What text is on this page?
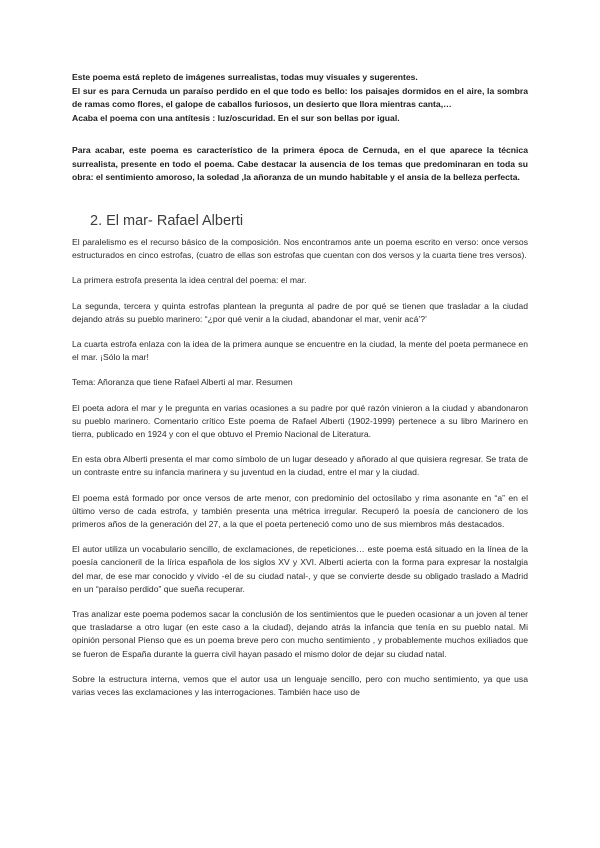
Este poema está repleto de imágenes surrealistas, todas muy visuales y sugerentes.

El sur es para Cernuda un paraíso perdido en el que todo es bello: los paisajes dormidos en el aire, la sombra de ramas como flores, el galope de caballos furiosos, un desierto que llora mientras canta,…

Acaba el poema con una antítesis : luz/oscuridad. En el sur son bellas por igual.

Para acabar, este poema es característico de la primera época de Cernuda, en el que aparece la técnica surrealista, presente en todo el poema. Cabe destacar la ausencia de los temas que predominaran en toda su obra: el sentimiento amoroso, la soledad ,la añoranza de un mundo habitable y el ansia de la belleza perfecta.

2. El mar- Rafael Alberti

El paralelismo es el recurso básico de la composición. Nos encontramos ante un poema escrito en verso: once versos estructurados en cinco estrofas, (cuatro de ellas son estrofas que cuentan con dos versos y la cuarta tiene tres versos).

La primera estrofa presenta la idea central del poema: el mar.

La segunda, tercera y quinta estrofas plantean la pregunta al padre de por qué se tienen que trasladar a la ciudad dejando atrás su pueblo marinero: “¿por qué venir a la ciudad, abandonar el mar, venir acá’?’

La cuarta estrofa enlaza con la idea de la primera aunque se encuentre en la ciudad, la mente del poeta permanece en el mar. ¡Sólo la mar!

Tema: Añoranza que tiene Rafael Alberti al mar. Resumen

El poeta adora el mar y le pregunta en varias ocasiones a su padre por qué razón vinieron a la ciudad y abandonaron su pueblo marinero. Comentario crítico Este poema de Rafael Alberti (1902-1999) pertenece a su libro Marinero en tierra, publicado en 1924 y con el que obtuvo el Premio Nacional de Literatura.

En esta obra Alberti presenta el mar como símbolo de un lugar deseado y añorado al que quisiera regresar. Se trata de un contraste entre su infancia marinera y su juventud en la ciudad, entre el mar y la ciudad.

El poema está formado por once versos de arte menor, con predominio del octosílabo y rima asonante en “a” en el último verso de cada estrofa, y también presenta una métrica irregular. Recuperó la poesía de cancionero de los primeros años de la generación del 27, a la que el poeta perteneció como uno de sus miembros más destacados.

El autor utiliza un vocabulario sencillo, de exclamaciones, de repeticiones… este poema está situado en la línea de la poesía cancioneril de la lírica española de los siglos XV y XVI. Alberti acierta con la forma para expresar la nostalgia del mar, de ese mar conocido y vivido -el de su ciudad natal-, y que se convierte desde su obligado traslado a Madrid en un “paraíso perdido” que sueña recuperar.

Tras analizar este poema podemos sacar la conclusión de los sentimientos que le pueden ocasionar a un joven al tener que trasladarse a otro lugar (en este caso a la ciudad), dejando atrás la infancia que tenía en su pueblo natal. Mi opinión personal Pienso que es un poema breve pero con mucho sentimiento , y probablemente muchos exiliados que se fueron de España durante la guerra civil hayan pasado el mismo dolor de dejar su ciudad natal.

Sobre la estructura interna, vemos que el autor usa un lenguaje sencillo, pero con mucho sentimiento, ya que usa varias veces las exclamaciones y las interrogaciones. También hace uso de
